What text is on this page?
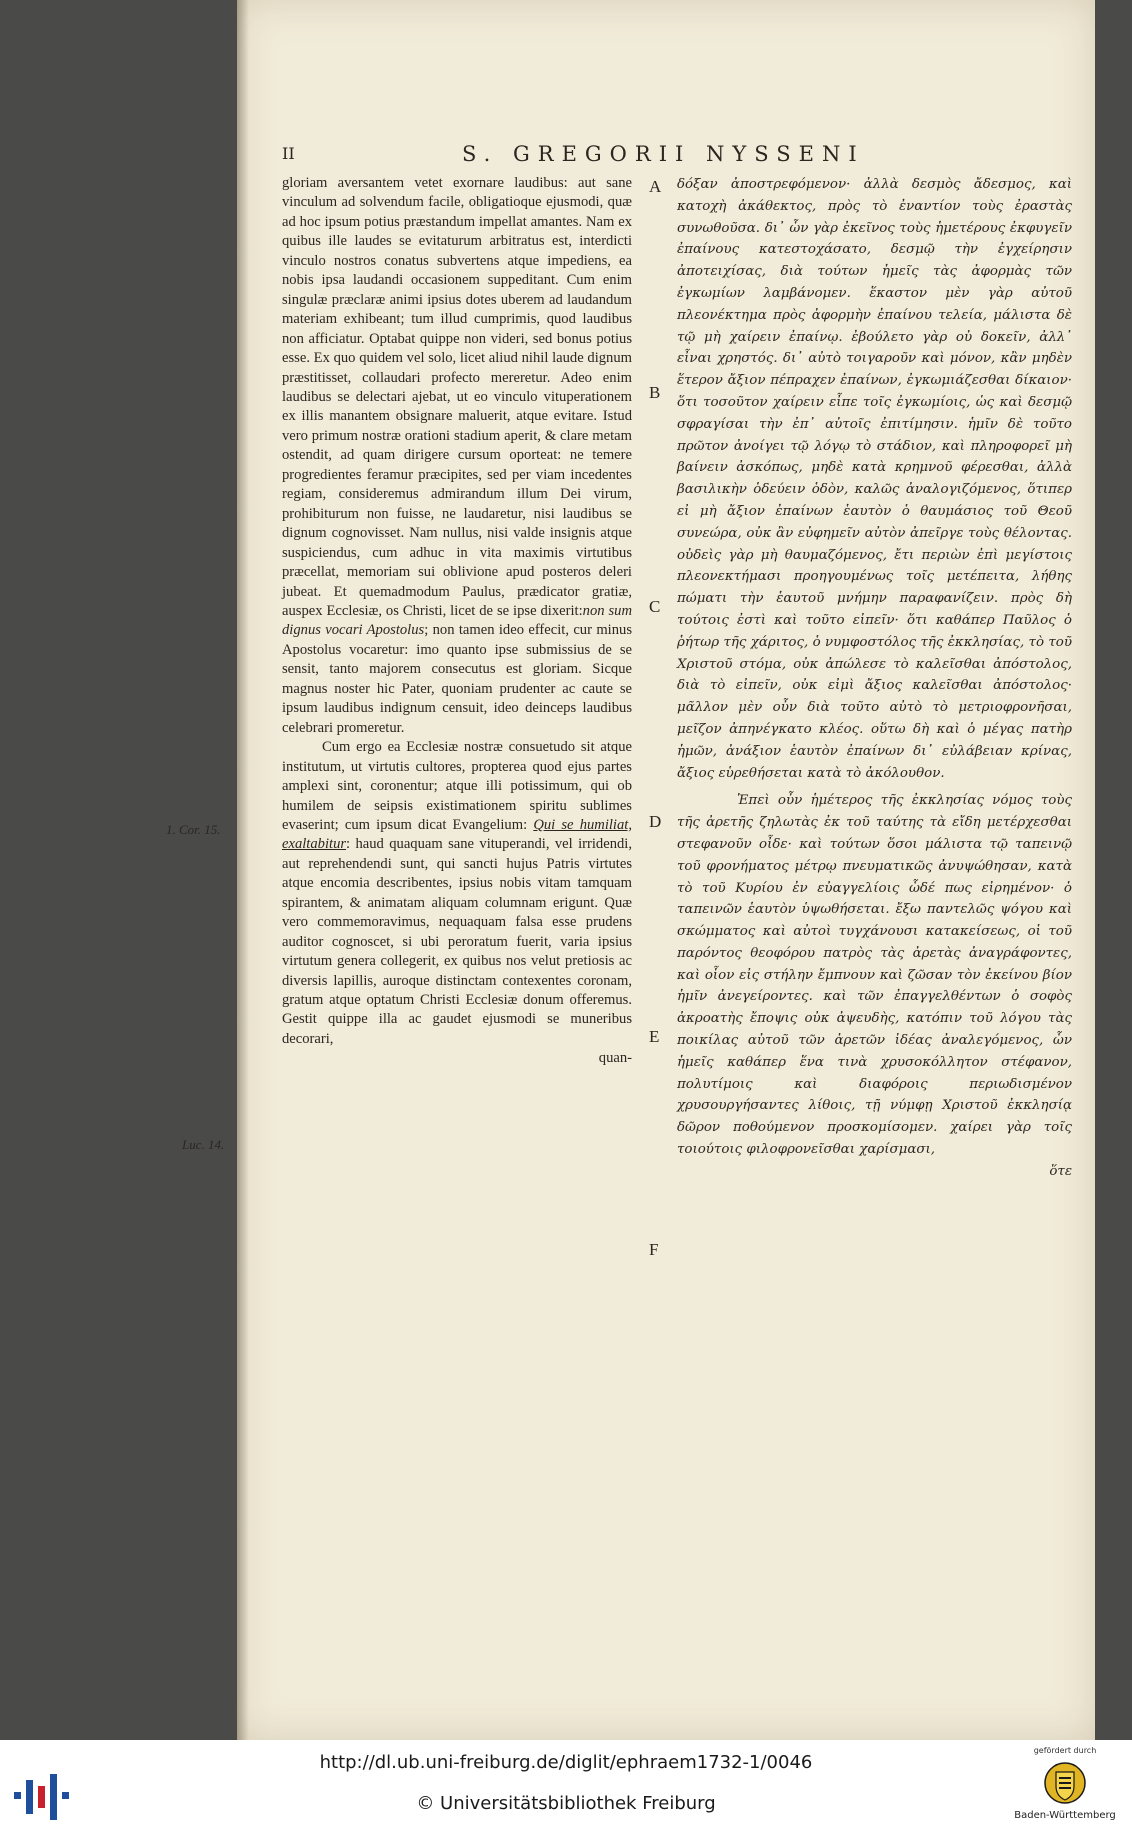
II	S. GREGORII NYSSENI

gloriam aversantem vetet exornare laudibus: aut sane vinculum ad solvendum facile, obligatioque ejusmodi, quæ ad hoc ipsum potius præstandum impellat amantes. Nam ex quibus ille laudes se evitaturum arbitratus est, interdicti vinculo nostros conatus subvertens atque impediens, ea nobis ipsa laudandi occasionem suppeditant. Cum enim singulæ præclaræ animi ipsius dotes uberem ad laudandum materiam exhibeant; tum illud cumprimis, quod laudibus non afficiatur. Optabat quippe non videri, sed bonus potius esse. Ex quo quidem vel solo, licet aliud nihil laude dignum præstitisset, collaudari profecto mereretur. Adeo enim laudibus se delectari ajebat, ut eo vinculo vituperationem ex illis manantem obsignare maluerit, atque evitare. Istud vero primum nostræ orationi stadium aperit, & clare metam ostendit, ad quam dirigere cursum oporteat: ne temere progredientes feramur præcipites, sed per viam incedentes regiam, consideremus admirandum illum Dei virum, prohibiturum non fuisse, ne laudaretur, nisi laudibus se dignum cognovisset. Nam nullus, nisi valde insignis atque suspiciendus, cum adhuc in vita maximis virtutibus præcellat, memoriam sui oblivione apud posteros deleri jubeat. Et quemadmodum Paulus, prædicator gratiæ, auspex Ecclesiæ, os Christi, licet de se ipse dixerit:non sum dignus vocari Apostolus; non tamen ideo effecit, cur minus Apostolus vocaretur: imo quanto ipse submissius de se sensit, tanto majorem consecutus est gloriam. Sicque magnus noster hic Pater, quoniam prudenter ac caute se ipsum laudibus indignum censuit, ideo deinceps laudibus celebrari promeretur.

Cum ergo ea Ecclesiæ nostræ consuetudo sit atque institutum, ut virtutis cultores, propterea quod ejus partes amplexi sint, coronentur; atque illi potissimum, qui ob humilem de seipsis existimationem spiritu sublimes evaserint; cum ipsum dicat Evangelium: Qui se humiliat, exaltabitur: haud quaquam sane vituperandi, vel irridendi, aut reprehendendi sunt, qui sancti hujus Patris virtutes atque encomia describentes, ipsius nobis vitam tamquam spirantem, & animatam aliquam columnam erigunt. Quæ vero commemoravimus, nequaquam falsa esse prudens auditor cognoscet, si ubi peroratum fuerit, varia ipsius virtutum genera collegerit, ex quibus nos velut pretiosis ac diversis lapillis, auroque distinctam contexentes coronam, gratum atque optatum Christi Ecclesiæ donum offeremus. Gestit quippe illa ac gaudet ejusmodi se muneribus decorari,

quan-

δόξαν ἀποστρεφόμενον· ἀλλὰ δεσμὸς ἄδεσμος, καὶ κατοχὴ ἀκάθεκτος, πρὸς τὸ ἐναντίον τοὺς ἐραστὰς συνωθοῦσα. δι᾽ ὧν γὰρ ἐκεῖνος τοὺς ἡμετέρους ἐκφυγεῖν ἐπαίνους κατεστοχάσατο, δεσμῷ τὴν ἐγχείρησιν ἀποτειχίσας, διὰ τούτων ἡμεῖς τὰς ἀφορμὰς τῶν ἐγκωμίων λαμβάνομεν. ἕκαστον μὲν γὰρ αὐτοῦ πλεονέκτημα πρὸς ἀφορμὴν ἐπαίνου τελεία, μάλιστα δὲ τῷ μὴ χαίρειν ἐπαίνῳ. ἐβούλετο γὰρ οὐ δοκεῖν, ἀλλ᾽ εἶναι χρηστός. δι᾽ αὐτὸ τοιγαροῦν καὶ μόνον, κἂν μηδὲν ἕτερον ἄξιον πέπραχεν ἐπαίνων, ἐγκωμιάζεσθαι δίκαιον· ὅτι τοσοῦτον χαίρειν εἶπε τοῖς ἐγκωμίοις, ὡς καὶ δεσμῷ σφραγίσαι τὴν ἐπ᾽ αὐτοῖς ἐπιτίμησιν. ἡμῖν δὲ τοῦτο πρῶτον ἀνοίγει τῷ λόγῳ τὸ στάδιον, καὶ πληροφορεῖ μὴ βαίνειν ἀσκόπως, μηδὲ κατὰ κρημνοῦ φέρεσθαι, ἀλλὰ βασιλικὴν ὁδεύειν ὁδὸν, καλῶς ἀναλογιζόμενος, ὅτιπερ εἰ μὴ ἄξιον ἐπαίνων ἑαυτὸν ὁ θαυμάσιος τοῦ Θεοῦ συνεώρα, οὐκ ἂν εὐφημεῖν αὐτὸν ἀπεῖργε τοὺς θέλοντας. οὐδεὶς γὰρ μὴ θαυμαζόμενος, ἔτι περιὼν ἐπὶ μεγίστοις πλεονεκτήμασι προηγουμένως τοῖς μετέπειτα, λήθης πώματι τὴν ἑαυτοῦ μνήμην παραφανίζειν. πρὸς δὴ τούτοις ἐστὶ καὶ τοῦτο εἰπεῖν· ὅτι καθάπερ Παῦλος ὁ ῥήτωρ τῆς χάριτος, ὁ νυμφοστόλος τῆς ἐκκλησίας, τὸ τοῦ Χριστοῦ στόμα, οὐκ ἀπώλεσε τὸ καλεῖσθαι ἀπόστολος, διὰ τὸ εἰπεῖν, οὐκ εἰμὶ ἄξιος καλεῖσθαι ἀπόστολος· μᾶλλον μὲν οὖν διὰ τοῦτο αὐτὸ τὸ μετριοφρονῆσαι, μεῖζον ἀπηνέγκατο κλέος. οὕτω δὴ καὶ ὁ μέγας πατὴρ ἡμῶν, ἀνάξιον ἑαυτὸν ἐπαίνων δι᾽ εὐλάβειαν κρίνας, ἄξιος εὑρεθήσεται κατὰ τὸ ἀκόλουθον.

Ἐπεὶ οὖν ἡμέτερος τῆς ἐκκλησίας νόμος τοὺς τῆς ἀρετῆς ζηλωτὰς ἐκ τοῦ ταύτης τὰ εἴδη μετέρχεσθαι στεφανοῦν οἶδε· καὶ τούτων ὅσοι μάλιστα τῷ ταπεινῷ τοῦ φρονήματος μέτρῳ πνευματικῶς ἀνυψώθησαν, κατὰ τὸ τοῦ Κυρίου ἐν εὐαγγελίοις ὧδέ πως εἰρημένον· ὁ ταπεινῶν ἑαυτὸν ὑψωθήσεται. ἔξω παντελῶς ψόγου καὶ σκώμματος καὶ αὐτοὶ τυγχάνουσι κατακείσεως, οἱ τοῦ παρόντος θεοφόρου πατρὸς τὰς ἀρετὰς ἀναγράφοντες, καὶ οἷον εἰς στήλην ἔμπνουν καὶ ζῶσαν τὸν ἐκείνου βίον ἡμῖν ἀνεγείροντες. καὶ τῶν ἐπαγγελθέντων ὁ σοφὸς ἀκροατὴς ἔποψις οὐκ ἀψευδὴς, κατόπιν τοῦ λόγου τὰς ποικίλας αὐτοῦ τῶν ἀρετῶν ἰδέας ἀναλεγόμενος, ὧν ἡμεῖς καθάπερ ἕνα τινὰ χρυσοκόλλητον στέφανον, πολυτίμοις καὶ διαφόροις περιωδισμένον χρυσουργήσαντες λίθοις, τῇ νύμφῃ Χριστοῦ ἐκκλησίᾳ δῶρον ποθούμενον προσκομίσομεν. χαίρει γὰρ τοῖς τοιούτοις φιλοφρονεῖσθαι χαρίσμασι,

ὅτε

A
B
C
D
E
F
1. Cor. 15.
Luc. 14.
http://dl.ub.uni-freiburg.de/diglit/ephraem1732-1/0046
© Universitätsbibliothek Freiburg
gefördert durch
Baden-Württemberg
